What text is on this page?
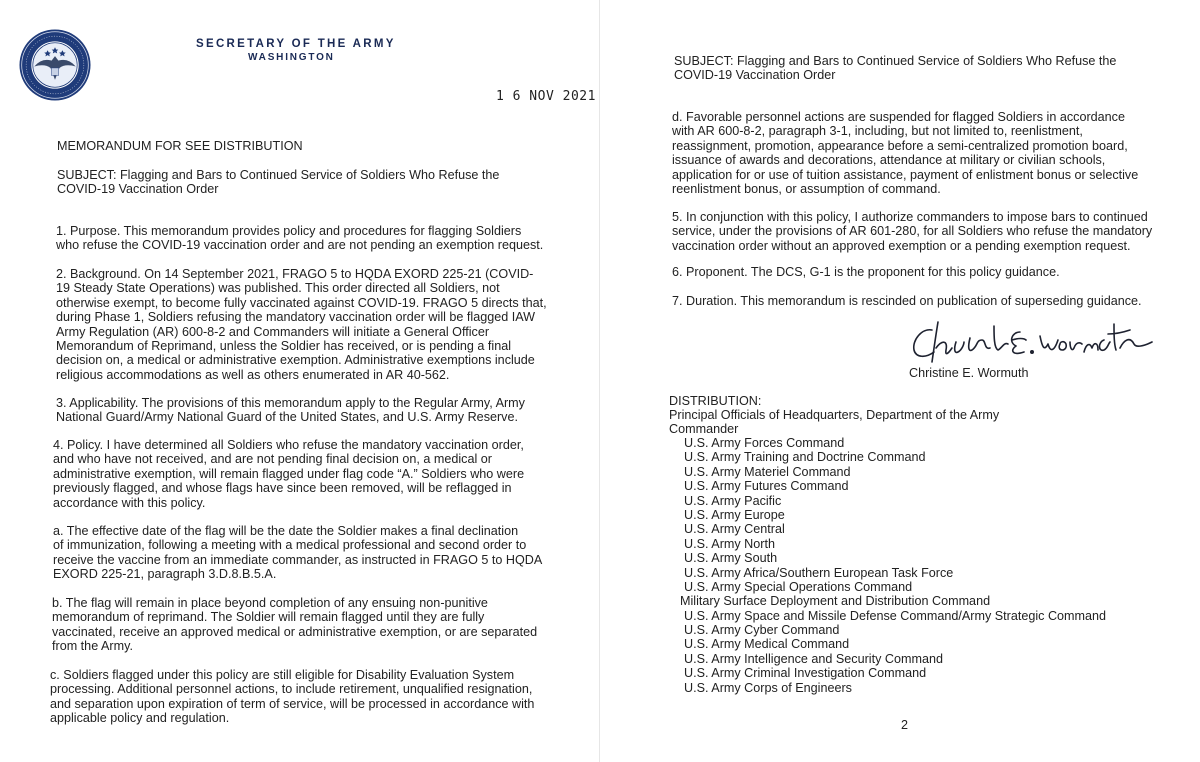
SECRETARY OF THE ARMY
WASHINGTON
1 6 NOV 2021
MEMORANDUM FOR SEE DISTRIBUTION
SUBJECT: Flagging and Bars to Continued Service of Soldiers Who Refuse the
COVID-19 Vaccination Order
1. Purpose. This memorandum provides policy and procedures for flagging Soldiers
who refuse the COVID-19 vaccination order and are not pending an exemption request.
2. Background. On 14 September 2021, FRAGO 5 to HQDA EXORD 225-21 (COVID-
19 Steady State Operations) was published. This order directed all Soldiers, not
otherwise exempt, to become fully vaccinated against COVID-19. FRAGO 5 directs that,
during Phase 1, Soldiers refusing the mandatory vaccination order will be flagged IAW
Army Regulation (AR) 600-8-2 and Commanders will initiate a General Officer
Memorandum of Reprimand, unless the Soldier has received, or is pending a final
decision on, a medical or administrative exemption. Administrative exemptions include
religious accommodations as well as others enumerated in AR 40-562.
3. Applicability. The provisions of this memorandum apply to the Regular Army, Army
National Guard/Army National Guard of the United States, and U.S. Army Reserve.
4. Policy. I have determined all Soldiers who refuse the mandatory vaccination order,
and who have not received, and are not pending final decision on, a medical or
administrative exemption, will remain flagged under flag code “A.” Soldiers who were
previously flagged, and whose flags have since been removed, will be reflagged in
accordance with this policy.
a. The effective date of the flag will be the date the Soldier makes a final declination
of immunization, following a meeting with a medical professional and second order to
receive the vaccine from an immediate commander, as instructed in FRAGO 5 to HQDA
EXORD 225-21, paragraph 3.D.8.B.5.A.
b. The flag will remain in place beyond completion of any ensuing non-punitive
memorandum of reprimand. The Soldier will remain flagged until they are fully
vaccinated, receive an approved medical or administrative exemption, or are separated
from the Army.
c. Soldiers flagged under this policy are still eligible for Disability Evaluation System
processing. Additional personnel actions, to include retirement, unqualified resignation,
and separation upon expiration of term of service, will be processed in accordance with
applicable policy and regulation.
SUBJECT: Flagging and Bars to Continued Service of Soldiers Who Refuse the
COVID-19 Vaccination Order
d. Favorable personnel actions are suspended for flagged Soldiers in accordance
with AR 600-8-2, paragraph 3-1, including, but not limited to, reenlistment,
reassignment, promotion, appearance before a semi-centralized promotion board,
issuance of awards and decorations, attendance at military or civilian schools,
application for or use of tuition assistance, payment of enlistment bonus or selective
reenlistment bonus, or assumption of command.
5. In conjunction with this policy, I authorize commanders to impose bars to continued
service, under the provisions of AR 601-280, for all Soldiers who refuse the mandatory
vaccination order without an approved exemption or a pending exemption request.
6. Proponent. The DCS, G-1 is the proponent for this policy guidance.
7. Duration. This memorandum is rescinded on publication of superseding guidance.
Christine E. Wormuth
DISTRIBUTION:
Principal Officials of Headquarters, Department of the Army
Commander
U.S. Army Forces Command
U.S. Army Training and Doctrine Command
U.S. Army Materiel Command
U.S. Army Futures Command
U.S. Army Pacific
U.S. Army Europe
U.S. Army Central
U.S. Army North
U.S. Army South
U.S. Army Africa/Southern European Task Force
U.S. Army Special Operations Command
Military Surface Deployment and Distribution Command
U.S. Army Space and Missile Defense Command/Army Strategic Command
U.S. Army Cyber Command
U.S. Army Medical Command
U.S. Army Intelligence and Security Command
U.S. Army Criminal Investigation Command
U.S. Army Corps of Engineers
2
